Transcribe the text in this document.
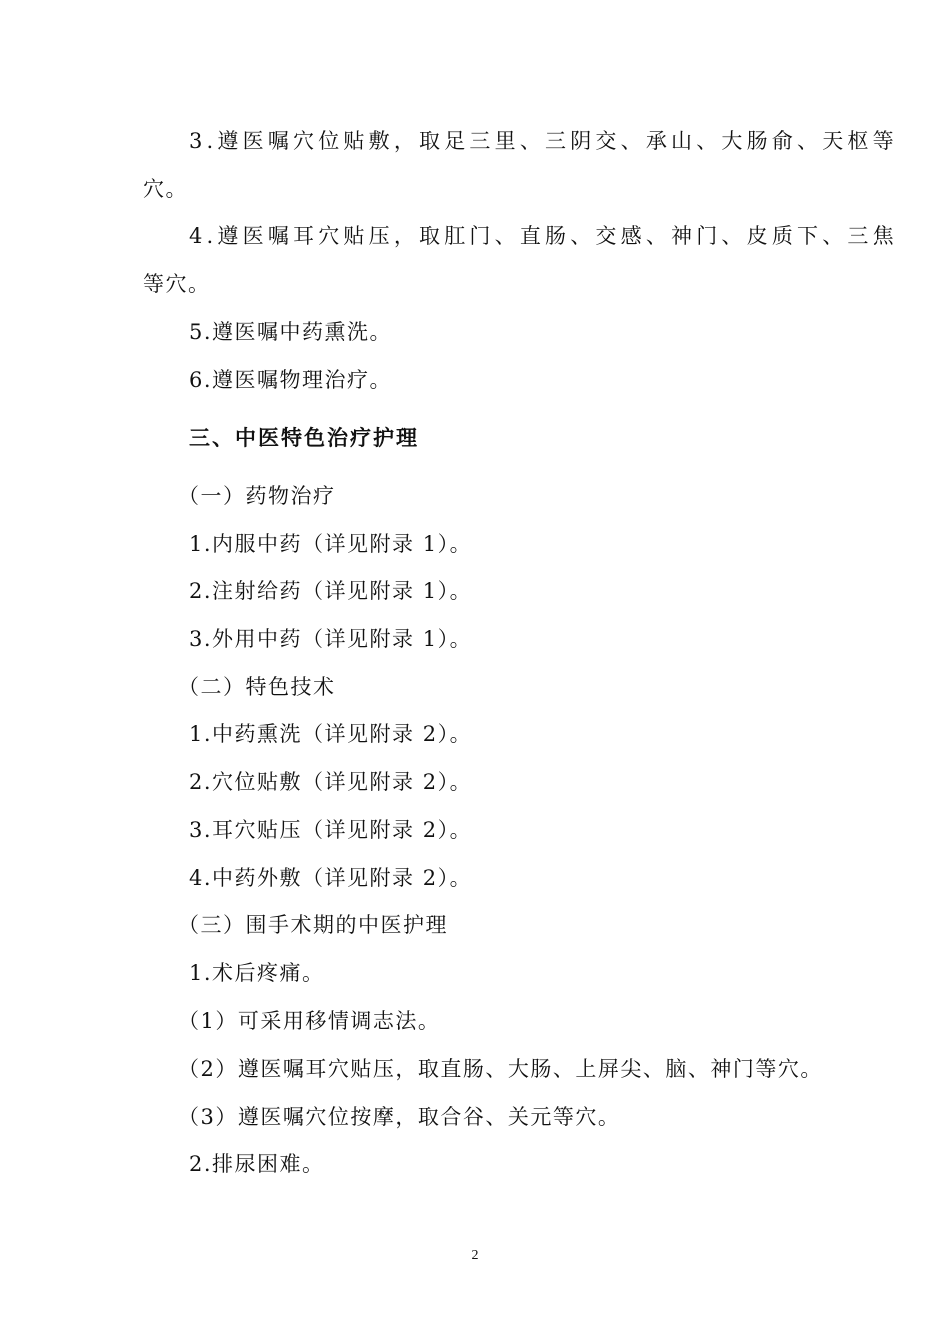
3.遵医嘱穴位贴敷，取足三里、三阴交、承山、大肠俞、天枢等

穴。

4.遵医嘱耳穴贴压，取肛门、直肠、交感、神门、皮质下、三焦

等穴。

5.遵医嘱中药熏洗。

6.遵医嘱物理治疗。

三、中医特色治疗护理

（一）药物治疗

1.内服中药（详见附录 1）。

2.注射给药（详见附录 1）。

3.外用中药（详见附录 1）。

（二）特色技术

1.中药熏洗（详见附录 2）。

2.穴位贴敷（详见附录 2）。

3.耳穴贴压（详见附录 2）。

4.中药外敷（详见附录 2）。

（三）围手术期的中医护理

1.术后疼痛。

（1）可采用移情调志法。

（2）遵医嘱耳穴贴压，取直肠、大肠、上屏尖、脑、神门等穴。

（3）遵医嘱穴位按摩，取合谷、关元等穴。

2.排尿困难。

2
